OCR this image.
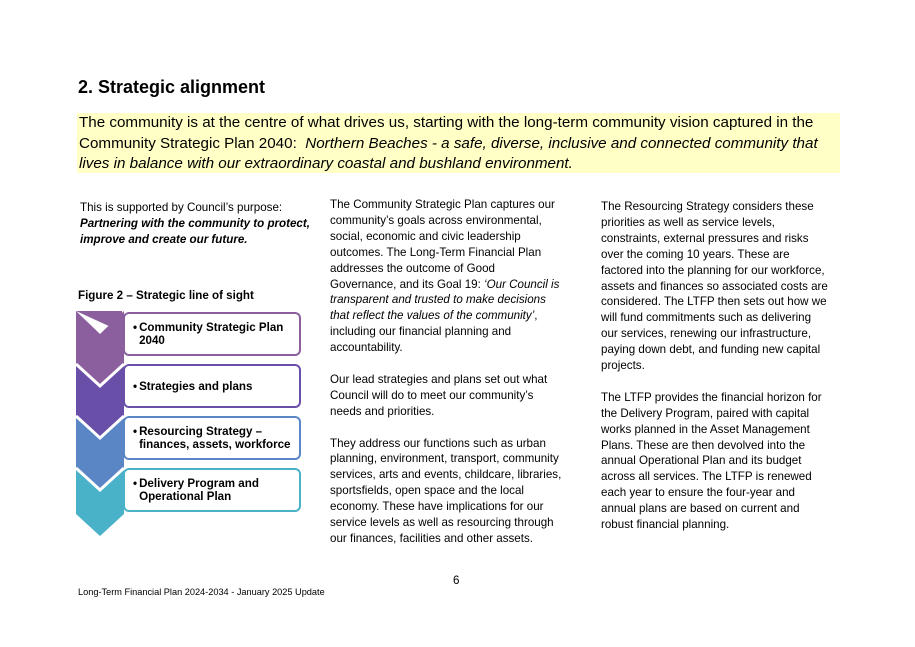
2. Strategic alignment
The community is at the centre of what drives us, starting with the long-term community vision captured in the Community Strategic Plan 2040: Northern Beaches - a safe, diverse, inclusive and connected community that lives in balance with our extraordinary coastal and bushland environment.
This is supported by Council’s purpose:
Partnering with the community to protect, improve and create our future.
Figure 2 – Strategic line of sight
• Community Strategic Plan 2040
• Strategies and plans
• Resourcing Strategy – finances, assets, workforce
• Delivery Program and Operational Plan

The Community Strategic Plan captures our community’s goals across environmental, social, economic and civic leadership outcomes. The Long-Term Financial Plan addresses the outcome of Good Governance, and its Goal 19: ‘Our Council is transparent and trusted to make decisions that reflect the values of the community’, including our financial planning and accountability.

Our lead strategies and plans set out what Council will do to meet our community’s needs and priorities.

They address our functions such as urban planning, environment, transport, community services, arts and events, childcare, libraries, sportsfields, open space and the local economy. These have implications for our service levels as well as resourcing through our finances, facilities and other assets.

The Resourcing Strategy considers these priorities as well as service levels, constraints, external pressures and risks over the coming 10 years. These are factored into the planning for our workforce, assets and finances so associated costs are considered. The LTFP then sets out how we will fund commitments such as delivering our services, renewing our infrastructure, paying down debt, and funding new capital projects.

The LTFP provides the financial horizon for the Delivery Program, paired with capital works planned in the Asset Management Plans. These are then devolved into the annual Operational Plan and its budget across all services. The LTFP is renewed each year to ensure the four-year and annual plans are based on current and robust financial planning.

6
Long-Term Financial Plan 2024-2034 - January 2025 Update
